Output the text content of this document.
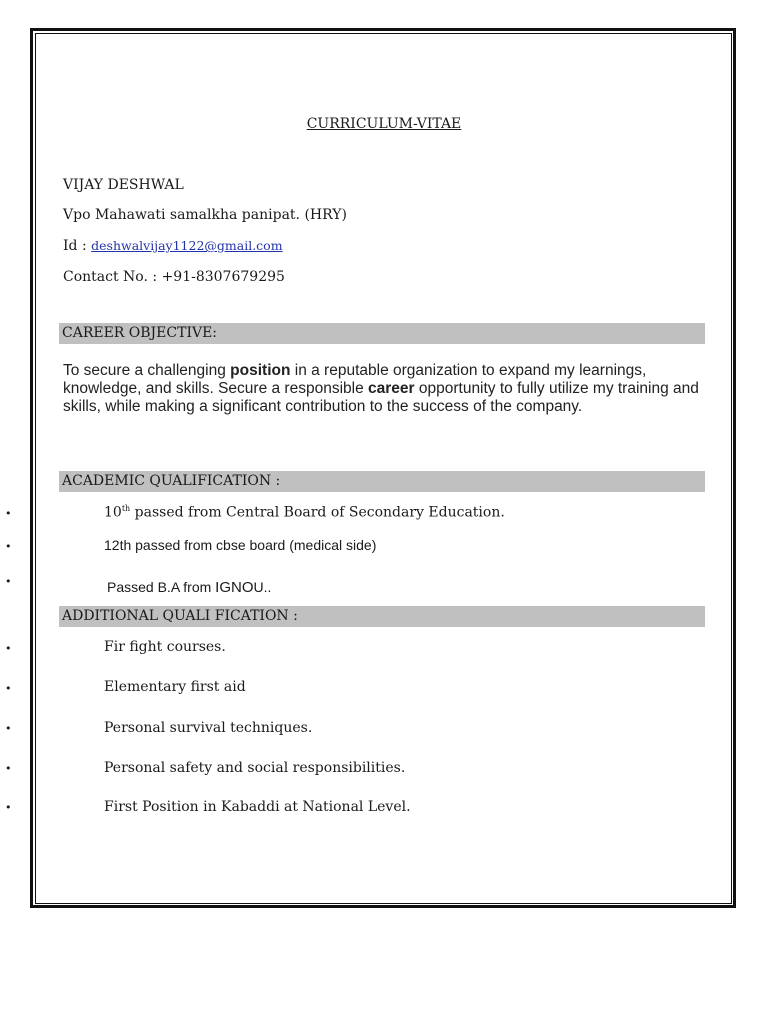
CURRICULUM-VITAE
VIJAY DESHWAL
Vpo Mahawati samalkha panipat. (HRY)
Id : deshwalvijay1122@gmail.com
Contact No. : +91-8307679295
CAREER OBJECTIVE:
To secure a challenging position in a reputable organization to expand my learnings, knowledge, and skills. Secure a responsible career opportunity to fully utilize my training and skills, while making a significant contribution to the success of the company.
ACADEMIC QUALIFICATION :
•	10th passed from Central Board of Secondary Education.
•	12th passed from cbse board (medical side)
•	Passed B.A from IGNOU..
ADDITIONAL QUALI FICATION :
•	Fir fight courses.
•	Elementary first aid
•	Personal survival techniques.
•	Personal safety and social responsibilities.
•	First Position in Kabaddi at National Level.
